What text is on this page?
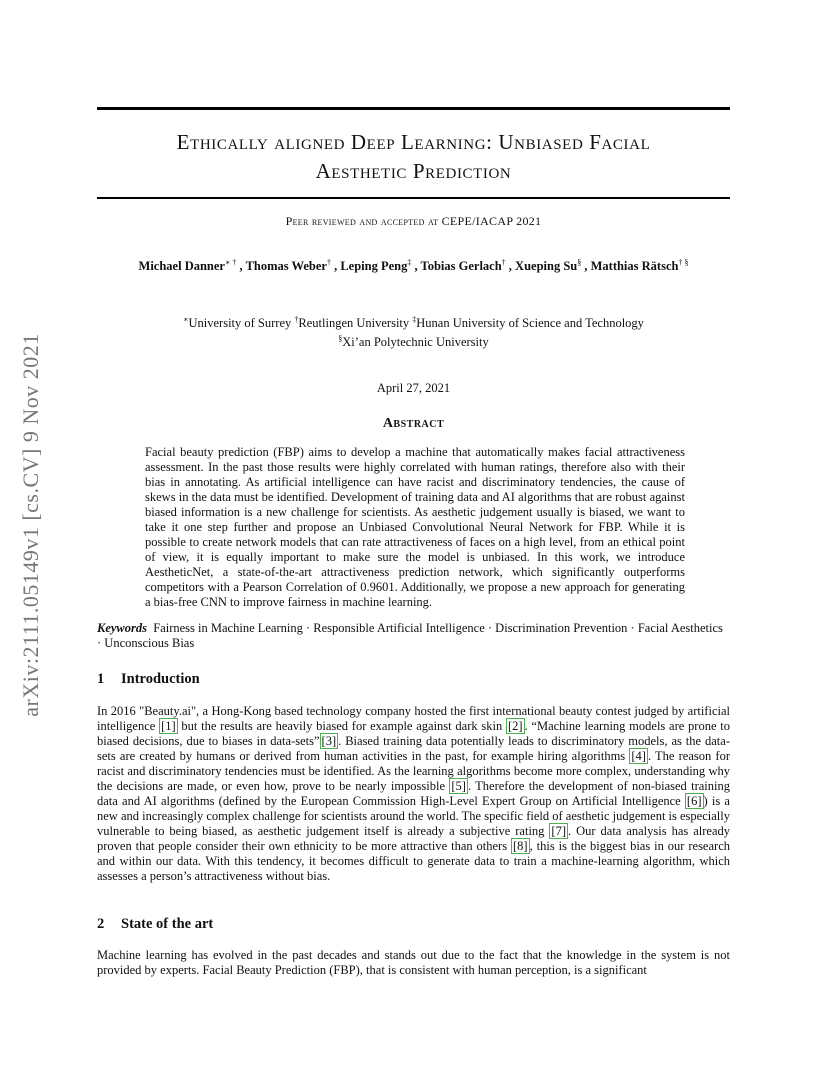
arXiv:2111.05149v1 [cs.CV] 9 Nov 2021
Ethically aligned Deep Learning: Unbiased Facial
Aesthetic Prediction
Peer reviewed and accepted at CEPE/IACAP 2021
Michael Danner∗ † , Thomas Weber† , Leping Peng‡ , Tobias Gerlach† , Xueping Su§ , Matthias Rätsch† §
∗University of Surrey †Reutlingen University ‡Hunan University of Science and Technology
§Xi’an Polytechnic University
April 27, 2021
Abstract
Facial beauty prediction (FBP) aims to develop a machine that automatically makes facial attractiveness assessment. In the past those results were highly correlated with human ratings, therefore also with their bias in annotating. As artificial intelligence can have racist and discriminatory tendencies, the cause of skews in the data must be identified. Development of training data and AI algorithms that are robust against biased information is a new challenge for scientists. As aesthetic judgement usually is biased, we want to take it one step further and propose an Unbiased Convolutional Neural Network for FBP. While it is possible to create network models that can rate attractiveness of faces on a high level, from an ethical point of view, it is equally important to make sure the model is unbiased. In this work, we introduce AestheticNet, a state-of-the-art attractiveness prediction network, which significantly outperforms competitors with a Pearson Correlation of 0.9601. Additionally, we propose a new approach for generating a bias-free CNN to improve fairness in machine learning.
Keywords Fairness in Machine Learning · Responsible Artificial Intelligence · Discrimination Prevention · Facial Aesthetics · Unconscious Bias
1 Introduction
In 2016 "Beauty.ai", a Hong-Kong based technology company hosted the first international beauty contest judged by artificial intelligence [1] but the results are heavily biased for example against dark skin [2] . “Machine learning models are prone to biased decisions, due to biases in data-sets” [3] . Biased training data potentially leads to discriminatory models, as the data-sets are created by humans or derived from human activities in the past, for example hiring algorithms [4] . The reason for racist and discriminatory tendencies must be identified. As the learning algorithms become more complex, understanding why the decisions are made, or even how, prove to be nearly impossible [5] . Therefore the development of non-biased training data and AI algorithms (defined by the European Commission High-Level Expert Group on Artificial Intelligence [6] ) is a new and increasingly complex challenge for scientists around the world. The specific field of aesthetic judgement is especially vulnerable to being biased, as aesthetic judgement itself is already a subjective rating [7] . Our data analysis has already proven that people consider their own ethnicity to be more attractive than others [8] , this is the biggest bias in our research and within our data. With this tendency, it becomes difficult to generate data to train a machine-learning algorithm, which assesses a person’s attractiveness without bias.
2 State of the art
Machine learning has evolved in the past decades and stands out due to the fact that the knowledge in the system is not provided by experts. Facial Beauty Prediction (FBP), that is consistent with human perception, is a significant
